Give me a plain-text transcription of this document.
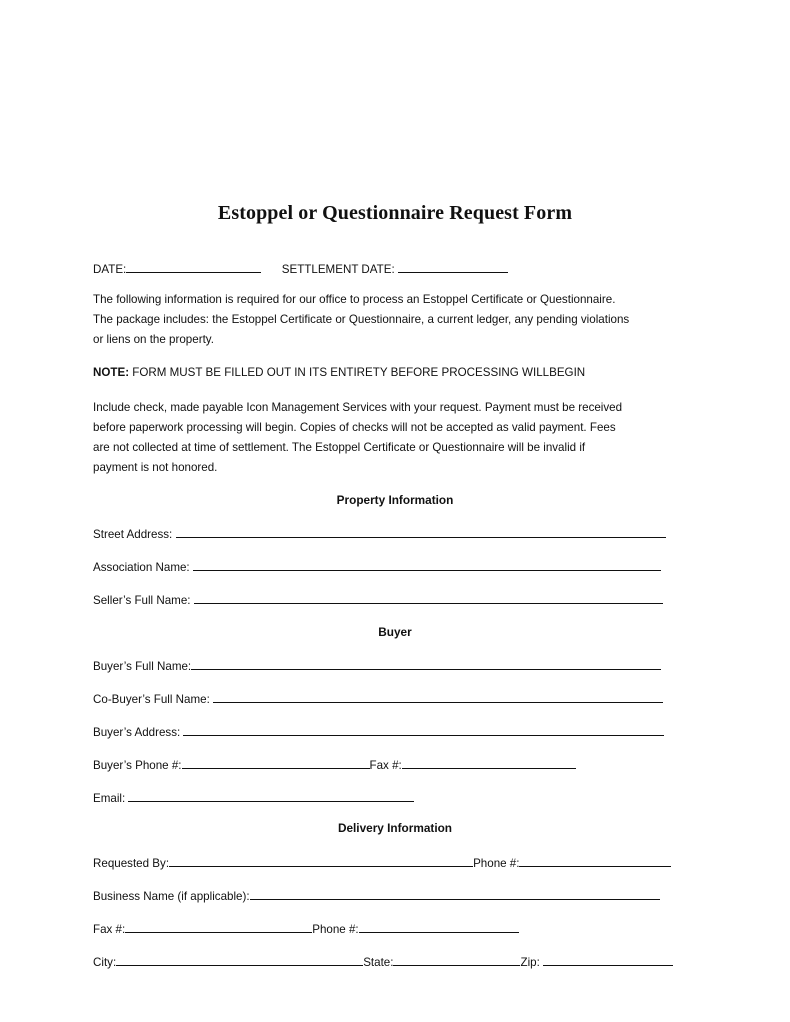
Estoppel or Questionnaire Request Form
DATE:	SETTLEMENT DATE:
The following information is required for our office to process an Estoppel Certificate or Questionnaire.
The package includes: the Estoppel Certificate or Questionnaire, a current ledger, any pending violations
or liens on the property.
NOTE: FORM MUST BE FILLED OUT IN ITS ENTIRETY BEFORE PROCESSING WILLBEGIN
Include check, made payable Icon Management Services with your request. Payment must be received
before paperwork processing will begin. Copies of checks will not be accepted as valid payment. Fees
are not collected at time of settlement. The Estoppel Certificate or Questionnaire will be invalid if
payment is not honored.
Property Information
Street Address:
Association Name:
Seller’s Full Name:
Buyer
Buyer’s Full Name:
Co-Buyer’s Full Name:
Buyer’s Address:
Buyer’s Phone #:	Fax #:
Email:
Delivery Information
Requested By:	Phone #:
Business Name (if applicable):
Fax #:	Phone #:
City:	State:	Zip:
